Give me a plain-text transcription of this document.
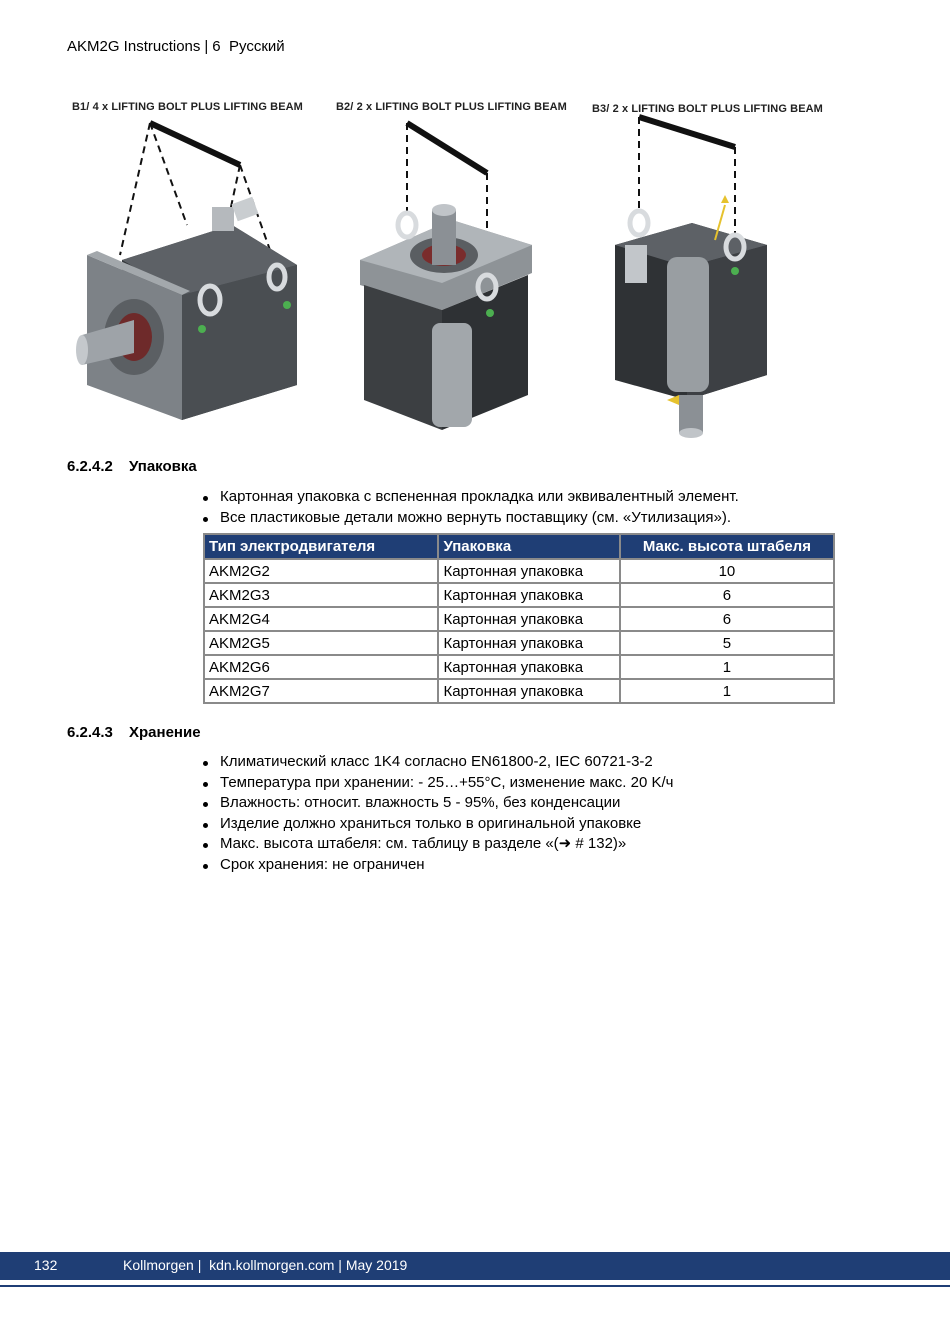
AKM2G Instructions | 6 Русский
B1/ 4 x LIFTING BOLT PLUS LIFTING BEAM	B2/ 2 x LIFTING BOLT PLUS LIFTING BEAM B3/ 2 x LIFTING BOLT PLUS LIFTING BEAM
6.2.4.2 Упаковка
Картонная упаковка с вспененная прокладка или эквивалентный элемент.
Все пластиковые детали можно вернуть поставщику (см. «Утилизация»).
Тип электродвигателя	Упаковка	Макс. высота штабеля
AKM2G2	Картонная упаковка	10
AKM2G3	Картонная упаковка	6
AKM2G4	Картонная упаковка	6
AKM2G5	Картонная упаковка	5
AKM2G6	Картонная упаковка	1
AKM2G7	Картонная упаковка	1
6.2.4.3 Хранение
Климатический класс 1K4 согласно EN61800-2, IEC 60721-3-2
Температура при хранении: - 25…+55°C, изменение макс. 20 K/ч
Влажность: относит. влажность 5 - 95%, без конденсации
Изделие должно храниться только в оригинальной упаковке
Макс. высота штабеля: см. таблицу в разделе «(➜ # 132)»
Срок хранения: не ограничен
132	Kollmorgen |  kdn.kollmorgen.com | May 2019
